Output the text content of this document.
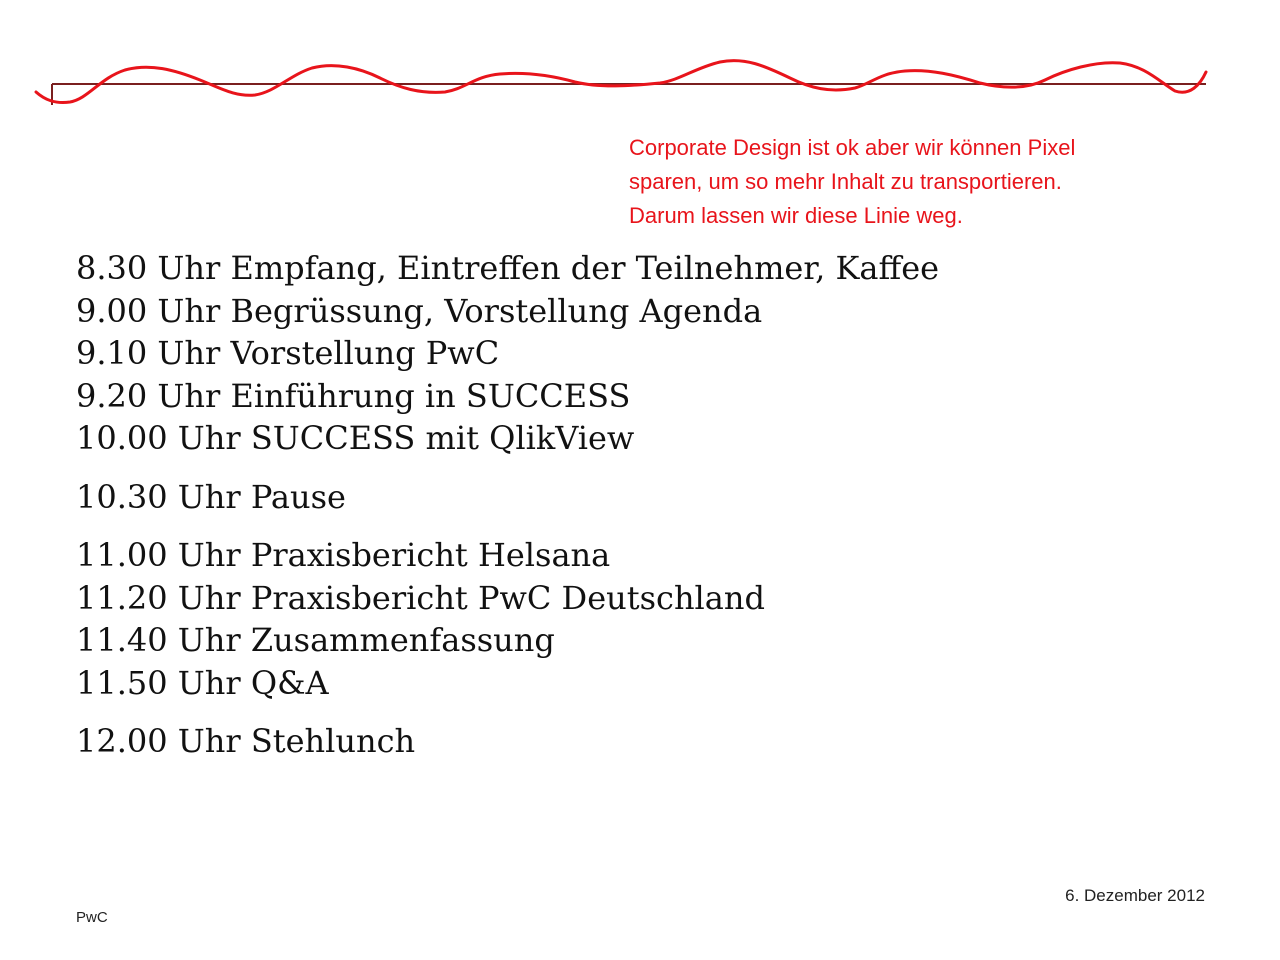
Corporate Design ist ok aber wir können Pixel
sparen, um so mehr Inhalt zu transportieren.
Darum lassen wir diese Linie weg.
8.30 Uhr Empfang, Eintreffen der Teilnehmer, Kaffee
9.00 Uhr Begrüssung, Vorstellung Agenda
9.10 Uhr Vorstellung PwC
9.20 Uhr Einführung in SUCCESS
10.00 Uhr SUCCESS mit QlikView
10.30 Uhr Pause
11.00 Uhr Praxisbericht Helsana
11.20 Uhr Praxisbericht PwC Deutschland
11.40 Uhr Zusammenfassung
11.50 Uhr Q&A
12.00 Uhr Stehlunch
6. Dezember 2012
PwC
